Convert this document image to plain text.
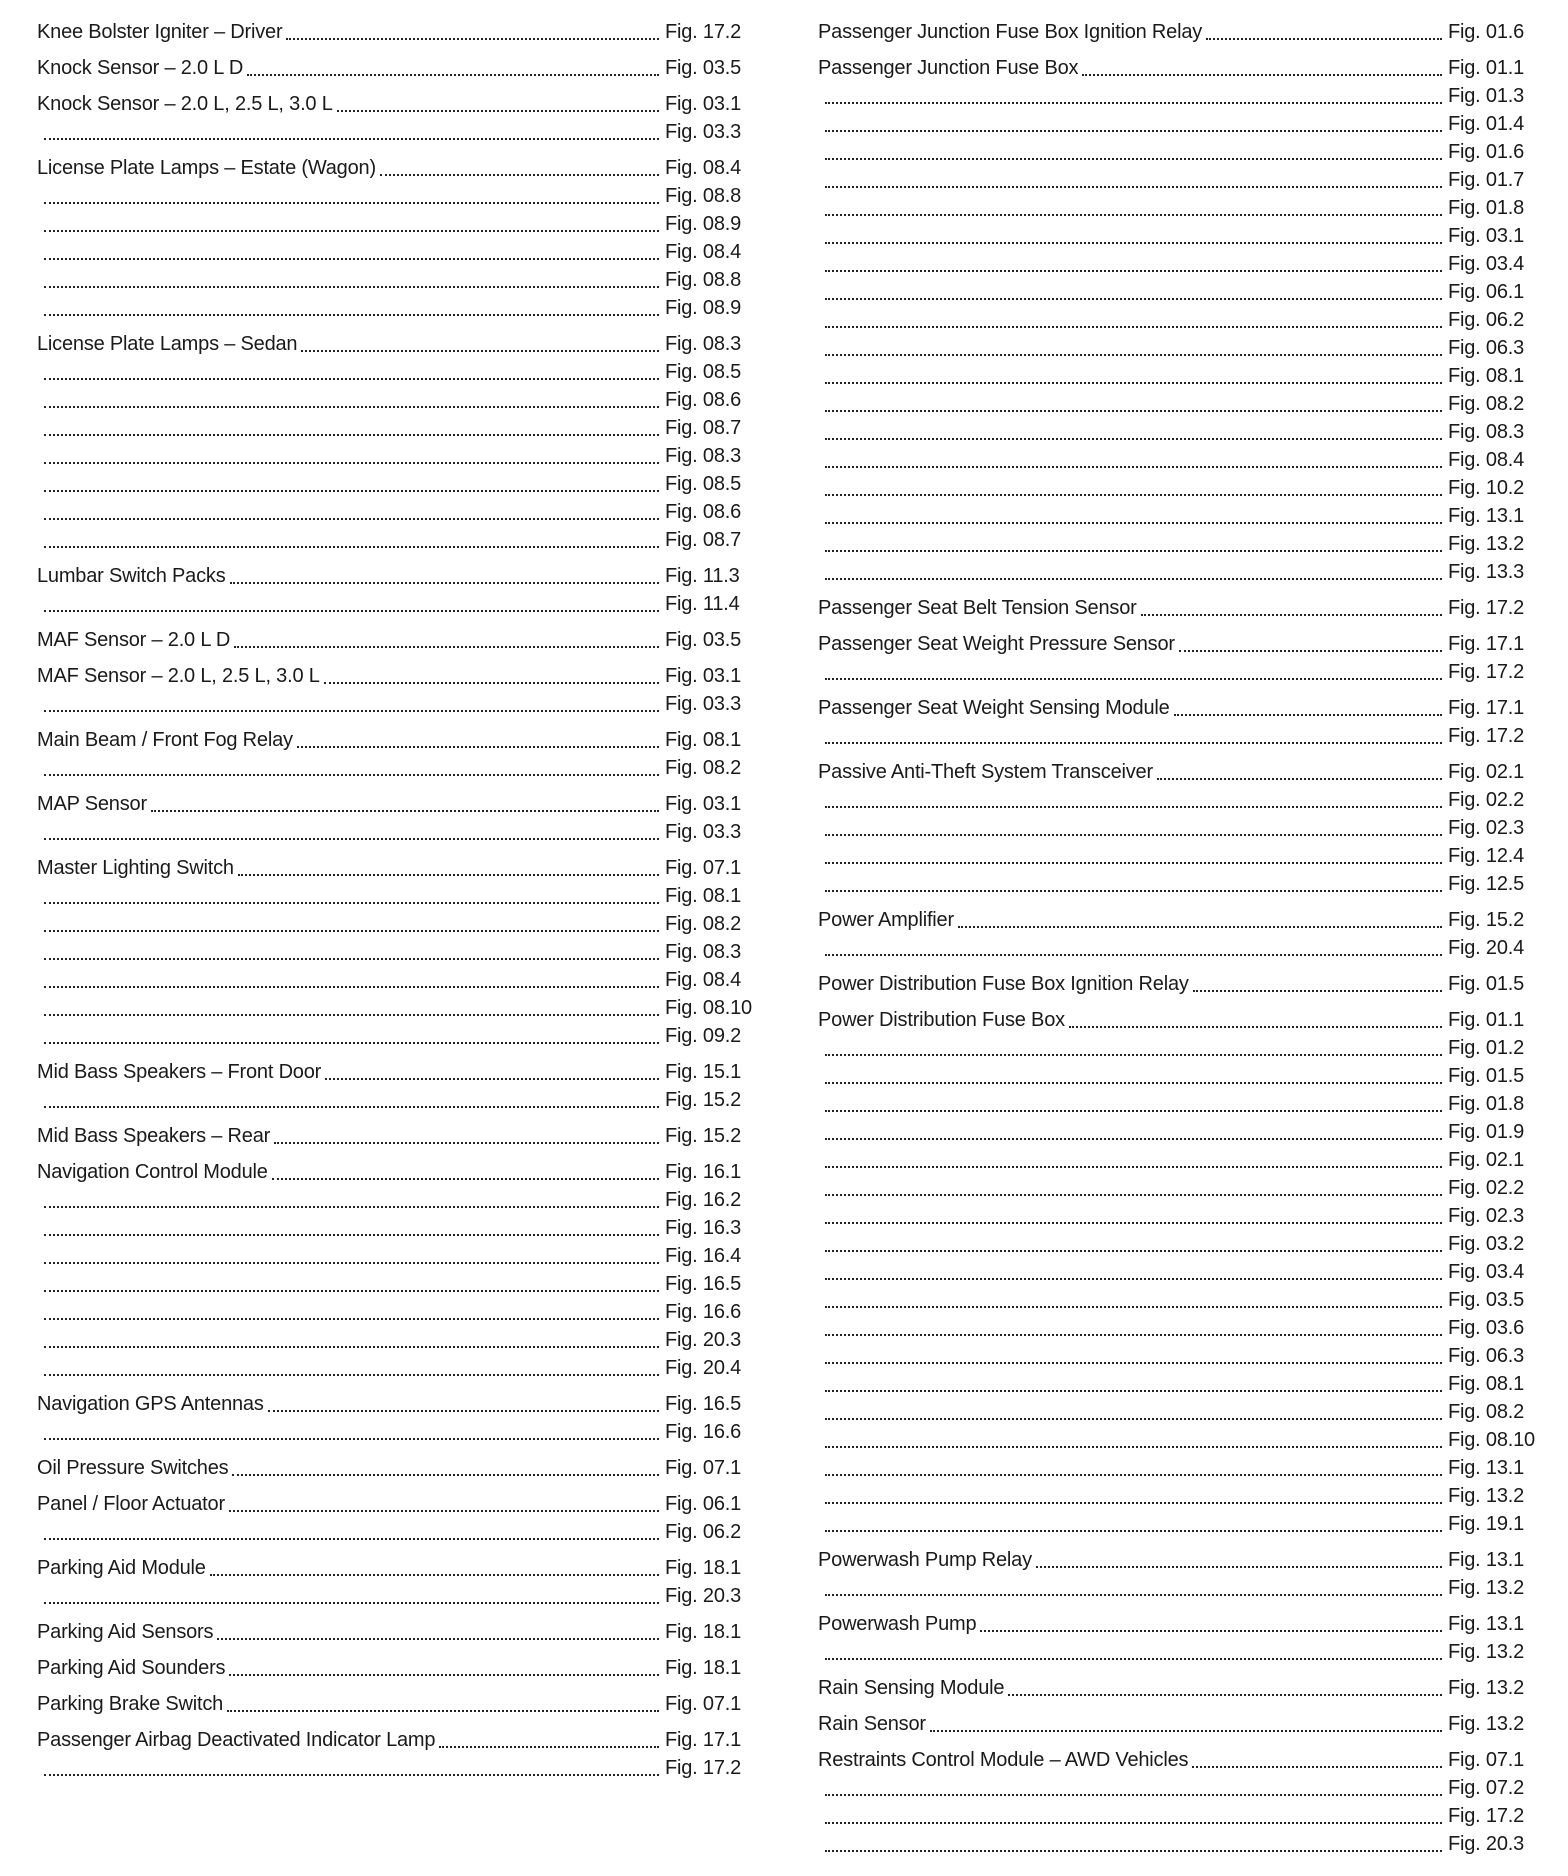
Knee Bolster Igniter – Driver	Fig. 17.2
Knock Sensor – 2.0 L D	Fig. 03.5
Knock Sensor – 2.0 L, 2.5 L, 3.0 L	Fig. 03.1
Fig. 03.3
License Plate Lamps – Estate (Wagon)	Fig. 08.4
Fig. 08.8
Fig. 08.9
Fig. 08.4
Fig. 08.8
Fig. 08.9
License Plate Lamps – Sedan	Fig. 08.3
Fig. 08.5
Fig. 08.6
Fig. 08.7
Fig. 08.3
Fig. 08.5
Fig. 08.6
Fig. 08.7
Lumbar Switch Packs	Fig. 11.3
Fig. 11.4
MAF Sensor – 2.0 L D	Fig. 03.5
MAF Sensor – 2.0 L, 2.5 L, 3.0 L	Fig. 03.1
Fig. 03.3
Main Beam / Front Fog Relay	Fig. 08.1
Fig. 08.2
MAP Sensor	Fig. 03.1
Fig. 03.3
Master Lighting Switch	Fig. 07.1
Fig. 08.1
Fig. 08.2
Fig. 08.3
Fig. 08.4
Fig. 08.10
Fig. 09.2
Mid Bass Speakers – Front Door	Fig. 15.1
Fig. 15.2
Mid Bass Speakers – Rear	Fig. 15.2
Navigation Control Module	Fig. 16.1
Fig. 16.2
Fig. 16.3
Fig. 16.4
Fig. 16.5
Fig. 16.6
Fig. 20.3
Fig. 20.4
Navigation GPS Antennas	Fig. 16.5
Fig. 16.6
Oil Pressure Switches	Fig. 07.1
Panel / Floor Actuator	Fig. 06.1
Fig. 06.2
Parking Aid Module	Fig. 18.1
Fig. 20.3
Parking Aid Sensors	Fig. 18.1
Parking Aid Sounders	Fig. 18.1
Parking Brake Switch	Fig. 07.1
Passenger Airbag Deactivated Indicator Lamp	Fig. 17.1
Fig. 17.2
Passenger Junction Fuse Box Ignition Relay	Fig. 01.6
Passenger Junction Fuse Box	Fig. 01.1
Fig. 01.3
Fig. 01.4
Fig. 01.6
Fig. 01.7
Fig. 01.8
Fig. 03.1
Fig. 03.4
Fig. 06.1
Fig. 06.2
Fig. 06.3
Fig. 08.1
Fig. 08.2
Fig. 08.3
Fig. 08.4
Fig. 10.2
Fig. 13.1
Fig. 13.2
Fig. 13.3
Passenger Seat Belt Tension Sensor	Fig. 17.2
Passenger Seat Weight Pressure Sensor	Fig. 17.1
Fig. 17.2
Passenger Seat Weight Sensing Module	Fig. 17.1
Fig. 17.2
Passive Anti-Theft System Transceiver	Fig. 02.1
Fig. 02.2
Fig. 02.3
Fig. 12.4
Fig. 12.5
Power Amplifier	Fig. 15.2
Fig. 20.4
Power Distribution Fuse Box Ignition Relay	Fig. 01.5
Power Distribution Fuse Box	Fig. 01.1
Fig. 01.2
Fig. 01.5
Fig. 01.8
Fig. 01.9
Fig. 02.1
Fig. 02.2
Fig. 02.3
Fig. 03.2
Fig. 03.4
Fig. 03.5
Fig. 03.6
Fig. 06.3
Fig. 08.1
Fig. 08.2
Fig. 08.10
Fig. 13.1
Fig. 13.2
Fig. 19.1
Powerwash Pump Relay	Fig. 13.1
Fig. 13.2
Powerwash Pump	Fig. 13.1
Fig. 13.2
Rain Sensing Module	Fig. 13.2
Rain Sensor	Fig. 13.2
Restraints Control Module – AWD Vehicles	Fig. 07.1
Fig. 07.2
Fig. 17.2
Fig. 20.3
